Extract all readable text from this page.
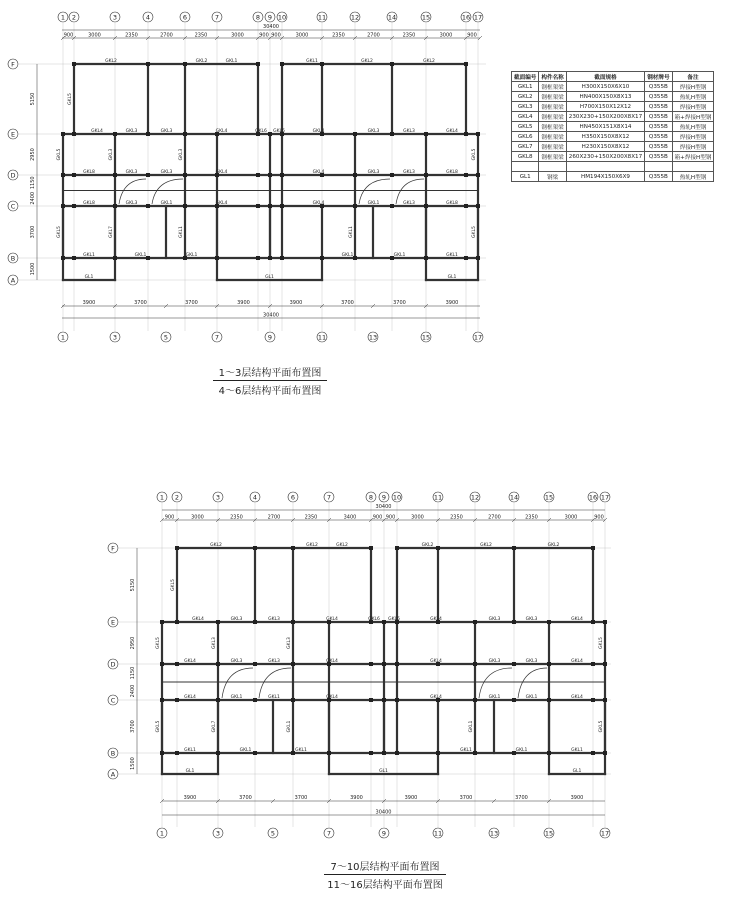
1 2	3	4	6	7	8 9 10	11	12	14	15	16 17
1	3	5	7	9	11	13	15	17
F
E
D
C
B
A
30400
900	3000	2350	2700	2350	3000	900 900	3000	2350	2700	2350	3000	900
3900	3700	3700	3900	3900	3700	3700	3900
30400
5150
2950
1150
2400
3700
1500
GKL2	GKL2	GKL1	GKL1	GKL2	GKL2
GKL4	GKL3	GKL3	GKL4	GKL6 GKL6	GKL4	GKL3	GKL3	GKL4
GKL8	GKL3	GKL3	GKL4	GKL4	GKL3	GKL3	GKL8
GKL8	GKL3	GKL1	GKL4	GKL4	GKL1	GKL3	GKL8
GKL1	GKL1	GKL1	GKL1	GKL1	GKL1
GL1	GL1	GL1
GKL5
GKL5	GKL3
GKL5
GKL3	GKL5
GKL7	GKL1	GKL1	GKL5
1 2	3	4	6	7	8 9 10	11	12	14	15	16 17
1	3	5	7	9	11	13	15	17
F
E
D
C
B
A
30400
900	3000	2350	2700	2350	3400	900 900	3000	2350	2700	2350	3000	900
3900	3700	3700	3900	3900	3700	3700	3900
30400
5150
2950
1150
2400
3700
1500
GKL2	GKL2	GKL2	GKL2	GKL2	GKL2
GKL4	GKL3	GKL3	GKL4	GKL6 GKL6	GKL4	GKL3	GKL3	GKL4
GKL4	GKL3	GKL3	GKL4	GKL4	GKL3	GKL3	GKL4
GKL4	GKL1	GKL1	GKL4	GKL4	GKL1	GKL1	GKL4
GKL1	GKL1	GKL1	GKL1	GKL1	GKL1
GL1	GL1	GL1
GKL5
GKL5	GKL3
GKL5
GKL3	GKL5
GKL7	GKL1	GKL1	GKL5
截面编号	构件名称	截面规格	钢材牌号	备注
GKL1	钢框架梁	H300X150X6X10	Q355B	焊接H型钢
GKL2	钢框架梁	HN400X150X8X13	Q355B	热轧H型钢
GKL3	钢框架梁	H700X150X12X12	Q355B	焊接H型钢
GKL4	钢框架梁	230X230+150X200X8X17	Q355B	箱+焊接H型钢
GKL5	钢框架梁	HN450X151X8X14	Q355B	热轧H型钢
GKL6	钢框架梁	H350X150X8X12	Q355B	焊接H型钢
GKL7	钢框架梁	H230X150X8X12	Q355B	焊接H型钢
GKL8	钢框架梁	260X230+150X200X8X17	Q355B	箱+焊接H型钢

GL1	钢梁	HM194X150X6X9	Q355B	热轧H型钢
1～3层结构平面布置图
4～6层结构平面布置图
7～10层结构平面布置图
11～16层结构平面布置图
